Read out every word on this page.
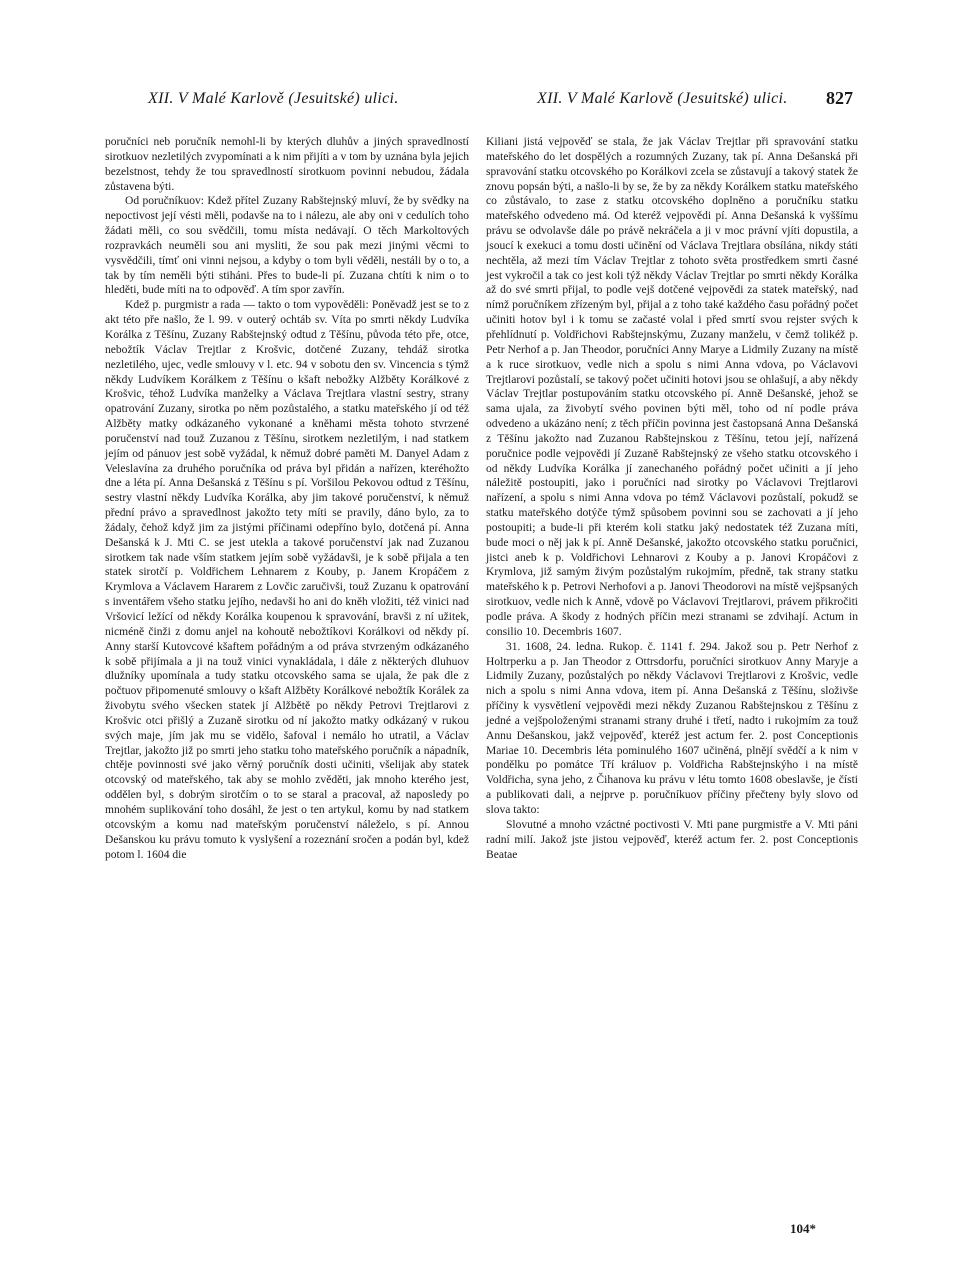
XII. V Malé Karlově (Jesuitské) ulici.	XII. V Malé Karlově (Jesuitské) ulici. 827

poručníci neb poručník nemohl-li by kterých dluhův a jiných spravedlností sirotkuov nezletilých zvypomínati a k nim přijíti a v tom by uznána byla jejich bezelstnost, tehdy že tou spravedlností sirotkuom povinni nebudou, žádala zůstavena býti.

Od poručníkuov: Kdež přítel Zuzany Rabštejnský mluví, že by svědky na nepoctivost její vésti měli, podavše na to i nálezu, ale aby oni v cedulích toho žádati měli, co sou svědčili, tomu místa nedávají. O těch Markoltových rozpravkách neuměli sou ani mysliti, že sou pak mezi jinými věcmi to vysvědčili, tímť oni vinni nejsou, a kdyby o tom byli věděli, nestáli by o to, a tak by tím neměli býti stiháni. Přes to bude-li pí. Zuzana chtíti k nim o to hleděti, bude míti na to odpověď. A tím spor zavřín.

Kdež p. purgmistr a rada — takto o tom vypověděli: Poněvadž jest se to z akt této pře našlo, že l. 99. v outerý ochtáb sv. Víta po smrti někdy Ludvíka Korálka z Těšínu, Zuzany Rabštejnský odtud z Těšínu, původa této pře, otce, nebožtík Václav Trejtlar z Krošvic, dotčené Zuzany, tehdáž sirotka nezletilého, ujec, vedle smlouvy v l. etc. 94 v sobotu den sv. Vincencia s týmž někdy Ludvíkem Korálkem z Těšínu o kšaft nebožky Alžběty Korálkové z Krošvic, téhož Ludvíka manželky a Václava Trejtlara vlastní sestry, strany opatrování Zuzany, sirotka po něm pozůstalého, a statku mateřského jí od též Alžběty matky odkázaného vykonané a kněhami města tohoto stvrzené poručenství nad touž Zuzanou z Těšínu, sirotkem nezletilým, i nad statkem jejím od pánuov jest sobě vyžádal, k němuž dobré paměti M. Danyel Adam z Veleslavína za druhého poručníka od práva byl přidán a nařízen, kteréhožto dne a léta pí. Anna Dešanská z Těšínu s pí. Voršilou Pekovou odtud z Těšínu, sestry vlastní někdy Ludvíka Korálka, aby jim takové poručenství, k němuž přední právo a spravedlnost jakožto tety míti se pravily, dáno bylo, za to žádaly, čehož když jim za jistými příčinami odepříno bylo, dotčená pí. Anna Dešanská k J. Mti C. se jest utekla a takové poručenství jak nad Zuzanou sirotkem tak nade vším statkem jejím sobě vyžádavši, je k sobě přijala a ten statek sirotčí p. Voldřichem Lehnarem z Kouby, p. Janem Kropáčem z Krymlova a Václavem Hararem z Lovčic zaručivši, touž Zuzanu k opatrování s inventářem všeho statku jejího, nedavši ho ani do kněh vložiti, též vinici nad Vršovicí ležící od někdy Korálka koupenou k spravování, bravši z ní užitek, nicméně činži z domu anjel na kohoutě nebožtíkovi Korálkovi od někdy pí. Anny starší Kutovcové kšaftem pořádným a od práva stvrzeným odkázaného k sobě přijímala a ji na touž vinici vynakládala, i dále z některých dluhuov dlužníky upomínala a tudy statku otcovského sama se ujala, že pak dle z počtuov připomenuté smlouvy o kšaft Alžběty Korálkové nebožtík Korálek za živobytu svého všecken statek jí Alžbětě po někdy Petrovi Trejtlarovi z Krošvic otci přišlý a Zuzaně sirotku od ní jakožto matky odkázaný v rukou svých maje, jím jak mu se vidělo, šafoval i nemálo ho utratil, a Václav Trejtlar, jakožto již po smrti jeho statku toho mateřského poručník a nápadník, chtěje povinnosti své jako věrný poručník dosti učiniti, všelijak aby statek otcovský od mateřského, tak aby se mohlo zvěděti, jak mnoho kterého jest, oddělen byl, s dobrým sirotčím o to se staral a pracoval, až naposledy po mnohém suplikování toho dosáhl, že jest o ten artykul, komu by nad statkem otcovským a komu nad mateřským poručenství náleželo, s pí. Annou Dešanskou ku právu tomuto k vyslyšení a rozeznání sročen a podán byl, kdež potom l. 1604 die

Kiliani jistá vejpověď se stala, že jak Václav Trejtlar při spravování statku mateřského do let dospělých a rozumných Zuzany, tak pí. Anna Dešanská při spravování statku otcovského po Korálkovi zcela se zůstavují a takový statek že znovu popsán býti, a našlo-li by se, že by za někdy Korálkem statku mateřského co zůstávalo, to zase z statku otcovského doplněno a poručníku statku mateřského odvedeno má. Od kteréž vejpovědi pí. Anna Dešanská k vyššímu právu se odvolavše dále po právě nekráčela a ji v moc právní vjíti dopustila, a jsoucí k exekuci a tomu dosti učinění od Václava Trejtlara obsílána, nikdy státi nechtěla, až mezi tím Václav Trejtlar z tohoto světa prostředkem smrti časné jest vykročil a tak co jest koli týž někdy Václav Trejtlar po smrti někdy Korálka až do své smrti přijal, to podle vejš dotčené vejpovědi za statek mateřský, nad nímž poručníkem zřízeným byl, přijal a z toho také každého času pořádný počet učiniti hotov byl i k tomu se začasté volal i před smrtí svou rejster svých k přehlídnutí p. Voldřichovi Rabštejnskýmu, Zuzany manželu, v čemž tolikéž p. Petr Nerhof a p. Jan Theodor, poručníci Anny Marye a Lidmily Zuzany na místě a k ruce sirotkuov, vedle nich a spolu s nimi Anna vdova, po Václavovi Trejtlarovi pozůstalí, se takový počet učiniti hotovi jsou se ohlašují, a aby někdy Václav Trejtlar postupováním statku otcovského pí. Anně Dešanské, jehož se sama ujala, za živobytí svého povinen býti měl, toho od ní podle práva odvedeno a ukázáno není; z těch příčin povinna jest častopsaná Anna Dešanská z Těšínu jakožto nad Zuzanou Rabštejnskou z Těšínu, tetou její, nařízená poručnice podle vejpovědi jí Zuzaně Rabštejnský ze všeho statku otcovského i od někdy Ludvíka Korálka jí zanechaného pořádný počet učiniti a jí jeho náležitě postoupiti, jako i poručníci nad sirotky po Václavovi Trejtlarovi nařízení, a spolu s nimi Anna vdova po témž Václavovi pozůstalí, pokudž se statku mateřského dotýče týmž spůsobem povinni sou se zachovati a jí jeho postoupiti; a bude-li při kterém koli statku jaký nedostatek též Zuzana míti, bude moci o něj jak k pí. Anně Dešanské, jakožto otcovského statku poručnici, jistci aneb k p. Voldřichovi Lehnarovi z Kouby a p. Janovi Kropáčovi z Krymlova, již samým živým pozůstalým rukojmím, předně, tak strany statku mateřského k p. Petrovi Nerhofovi a p. Janovi Theodorovi na místě vejšpsaných sirotkuov, vedle nich k Anně, vdově po Václavovi Trejtlarovi, právem přikročiti podle práva. A škody z hodných příčin mezi stranami se zdvihají. Actum in consilio 10. Decembris 1607.

31. 1608, 24. ledna. Rukop. č. 1141 f. 294. Jakož sou p. Petr Nerhof z Holtrperku a p. Jan Theodor z Ottrsdorfu, poručníci sirotkuov Anny Maryje a Lidmily Zuzany, pozůstalých po někdy Václavovi Trejtlarovi z Krošvic, vedle nich a spolu s nimi Anna vdova, item pí. Anna Dešanská z Těšínu, složivše příčiny k vysvětlení vejpovědi mezi někdy Zuzanou Rabštejnskou z Těšínu z jedné a vejšpoloženými stranami strany druhé i třetí, nadto i rukojmím za touž Annu Dešanskou, jakž vejpověď, kteréž jest actum fer. 2. post Conceptionis Mariae 10. Decembris léta pominulého 1607 učiněná, plnějí svědčí a k nim v pondělku po pomátce Tří králuov p. Voldřicha Rabštejnskýho i na místě Voldřicha, syna jeho, z Čihanova ku právu v létu tomto 1608 obeslavše, je čísti a publikovati dali, a nejprve p. poručníkuov příčiny přečteny byly slovo od slova takto:

Slovutné a mnoho vzáctné poctivosti V. Mti pane purgmistře a V. Mti páni radní milí. Jakož jste jistou vejpověď, kteréž actum fer. 2. post Conceptionis Beatae

104*
